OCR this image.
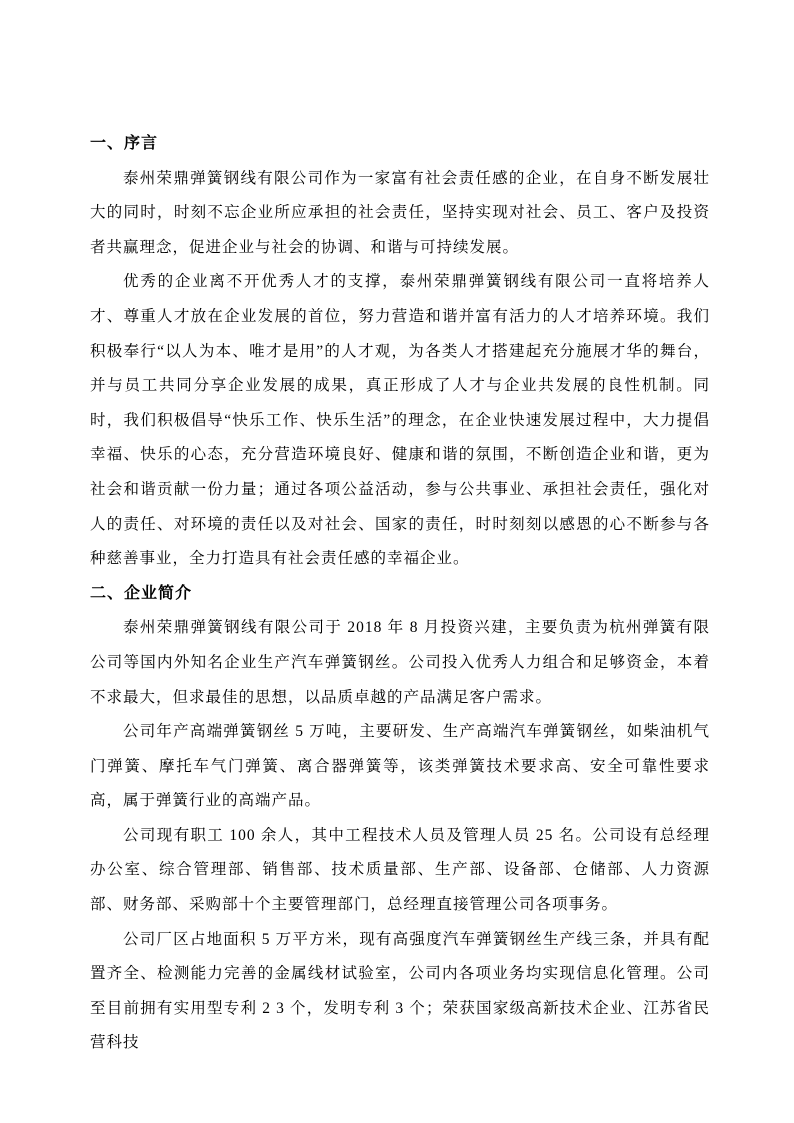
一、序言

泰州荣鼎弹簧钢线有限公司作为一家富有社会责任感的企业，在自身不断发展壮大的同时，时刻不忘企业所应承担的社会责任，坚持实现对社会、员工、客户及投资者共赢理念，促进企业与社会的协调、和谐与可持续发展。

优秀的企业离不开优秀人才的支撑，泰州荣鼎弹簧钢线有限公司一直将培养人才、尊重人才放在企业发展的首位，努力营造和谐并富有活力的人才培养环境。我们积极奉行“以人为本、唯才是用”的人才观，为各类人才搭建起充分施展才华的舞台，并与员工共同分享企业发展的成果，真正形成了人才与企业共发展的良性机制。同时，我们积极倡导“快乐工作、快乐生活”的理念，在企业快速发展过程中，大力提倡幸福、快乐的心态，充分营造环境良好、健康和谐的氛围，不断创造企业和谐，更为社会和谐贡献一份力量；通过各项公益活动，参与公共事业、承担社会责任，强化对人的责任、对环境的责任以及对社会、国家的责任，时时刻刻以感恩的心不断参与各种慈善事业，全力打造具有社会责任感的幸福企业。

二、企业简介

泰州荣鼎弹簧钢线有限公司于 2018 年 8 月投资兴建，主要负责为杭州弹簧有限公司等国内外知名企业生产汽车弹簧钢丝。公司投入优秀人力组合和足够资金，本着不求最大，但求最佳的思想，以品质卓越的产品满足客户需求。

公司年产高端弹簧钢丝 5 万吨，主要研发、生产高端汽车弹簧钢丝，如柴油机气门弹簧、摩托车气门弹簧、离合器弹簧等，该类弹簧技术要求高、安全可靠性要求高，属于弹簧行业的高端产品。

公司现有职工 100 余人，其中工程技术人员及管理人员 25 名。公司设有总经理办公室、综合管理部、销售部、技术质量部、生产部、设备部、仓储部、人力资源部、财务部、采购部十个主要管理部门，总经理直接管理公司各项事务。

公司厂区占地面积 5 万平方米，现有高强度汽车弹簧钢丝生产线三条，并具有配置齐全、检测能力完善的金属线材试验室，公司内各项业务均实现信息化管理。公司至目前拥有实用型专利 2 3 个，发明专利 3 个；荣获国家级高新技术企业、江苏省民营科技
